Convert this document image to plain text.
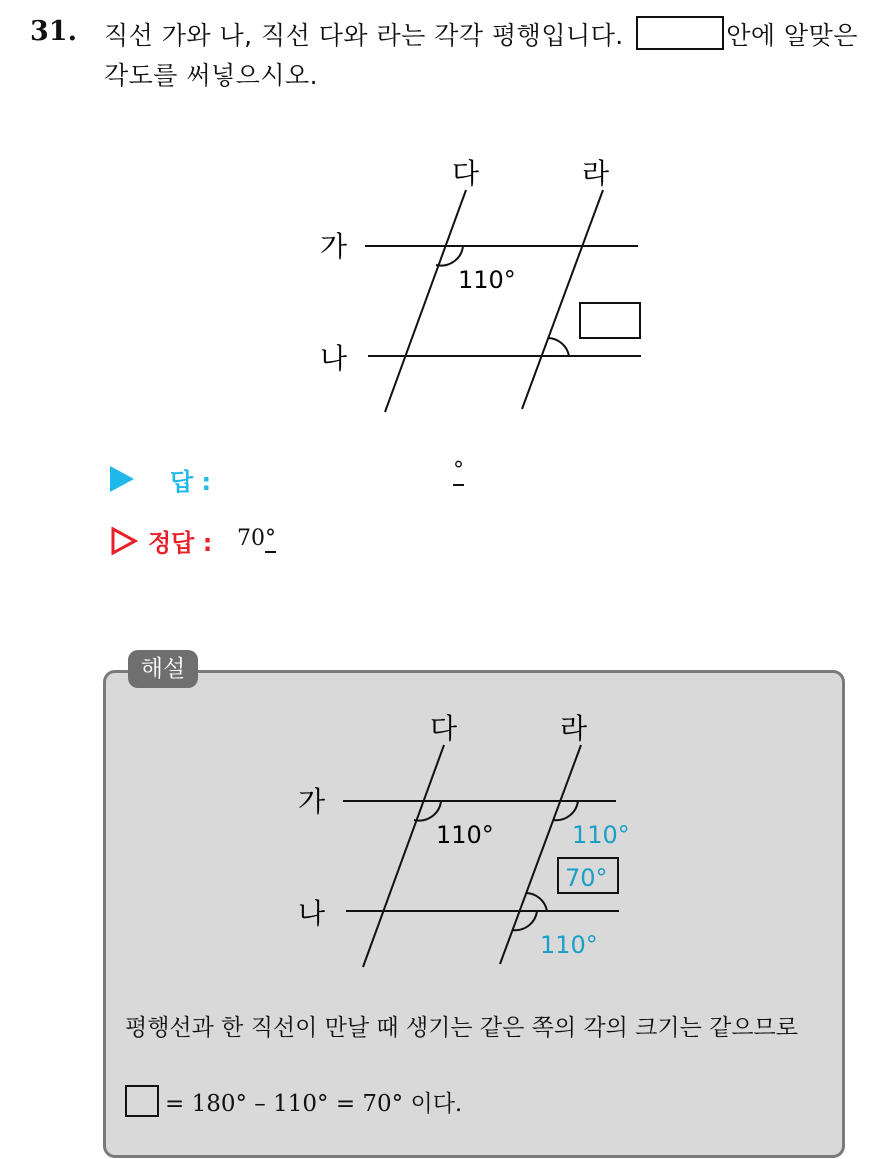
31. 직선 가와 나, 직선 다와 라는 각각 평행입니다.	안에 알맞은
각도를 써넣으시오.
다	라
가
나
110°
답 :	°
정답 : 70°
해설
다	라
가
나
110°	110°
70°
110°
평행선과 한 직선이 만날 때 생기는 같은 쪽의 각의 크기는 같으므로
= 180° – 110° = 70° 이다.
